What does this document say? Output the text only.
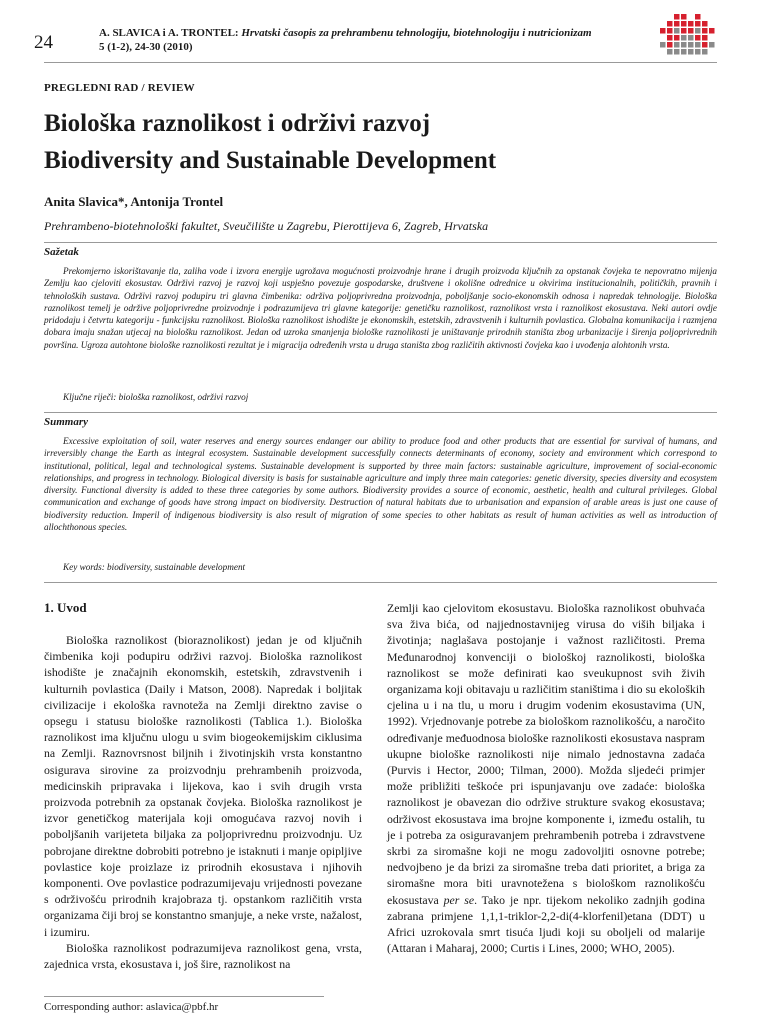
24	A. SLAVICA i A. TRONTEL: Hrvatski časopis za prehrambenu tehnologiju, biotehnologiju i nutricionizam 5 (1-2), 24-30 (2010)
PREGLEDNI RAD / REVIEW
Biološka raznolikost i održivi razvoj
Biodiversity and Sustainable Development
Anita Slavica*, Antonija Trontel
Prehrambeno-biotehnološki fakultet, Sveučilište u Zagrebu, Pierottijeva 6, Zagreb, Hrvatska
Sažetak

Prekomjerno iskorištavanje tla, zaliha vode i izvora energije ugrožava mogućnosti proizvodnje hrane i drugih proizvoda ključnih za opstanak čovjeka te nepovratno mijenja Zemlju kao cjeloviti ekosustav. Održivi razvoj je razvoj koji uspješno povezuje gospodarske, društvene i okolišne odrednice u okvirima institucionalnih, političkih, pravnih i tehnoloških sustava. Održivi razvoj podupiru tri glavna čimbenika: održiva poljoprivredna proizvodnja, poboljšanje socio-ekonomskih odnosa i napredak tehnologije. Biološka raznolikost temelj je održive poljoprivredne proizvodnje i podrazumijeva tri glavne kategorije: genetičku raznolikost, raznolikost vrsta i raznolikost ekosustava. Neki autori ovdje pridodaju i četvrtu kategoriju - funkcijsku raznolikost. Biološka raznolikost ishodište je ekonomskih, estetskih, zdravstvenih i kulturnih povlastica. Globalna komunikacija i razmjena dobara imaju snažan utjecaj na biološku raznolikost. Jedan od uzroka smanjenja biološke raznolikosti je uništavanje prirodnih staništa zbog urbanizacije i širenja poljoprivrednih površina. Ugroza autohtone biološke raznolikosti rezultat je i migracija određenih vrsta u druga staništa zbog različitih aktivnosti čovjeka kao i uvođenja alohtonih vrsta.

Ključne riječi: biološka raznolikost, održivi razvoj
Summary

Excessive exploitation of soil, water reserves and energy sources endanger our ability to produce food and other products that are essential for survival of humans, and irreversibly change the Earth as integral ecosystem. Sustainable development successfully connects determinants of economy, society and environment which correspond to institutional, political, legal and technological systems. Sustainable development is supported by three main factors: sustainable agriculture, improvement of social-economic relationships, and progress in technology. Biological diversity is basis for sustainable agriculture and imply three main categories: genetic diversity, species diversity and ecosystem diversity. Functional diversity is added to these three categories by some authors. Biodiversity provides a source of economic, aesthetic, health and cultural privileges. Global communication and exchange of goods have strong impact on biodiversity. Destruction of natural habitats due to urbanisation and expansion of arable areas is just one cause of biodiversity reduction. Imperil of indigenous biodiversity is also result of migration of some species to other habitats as result of human activities as well as introduction of allochthonous species.

Key words: biodiversity, sustainable development

1. Uvod

Biološka raznolikost (bioraznolikost) jedan je od ključnih čimbenika koji podupiru održivi razvoj. Biološka raznolikost ishodište je značajnih ekonomskih, estetskih, zdravstvenih i kulturnih povlastica (Daily i Matson, 2008). Napredak i boljitak civilizacije i ekološka ravnoteža na Zemlji direktno zavise o opsegu i statusu biološke raznolikosti (Tablica 1.). Biološka raznolikost ima ključnu ulogu u svim biogeokemijskim ciklusima na Zemlji. Raznovrsnost biljnih i životinjskih vrsta konstantno osigurava sirovine za proizvodnju prehrambenih proizvoda, medicinskih pripravaka i lijekova, kao i svih drugih vrsta proizvoda potrebnih za opstanak čovjeka. Biološka raznolikost je izvor genetičkog materijala koji omogućava razvoj novih i poboljšanih varijeteta biljaka za poljoprivrednu proizvodnju. Uz pobrojane direktne dobrobiti potrebno je istaknuti i manje opipljive povlastice koje proizlaze iz prirodnih ekosustava i njihovih komponenti. Ove povlastice podrazumijevaju vrijednosti povezane s održivošću prirodnih krajobraza tj. opstankom različitih vrsta organizama čiji broj se konstantno smanjuje, a neke vrste, nažalost, i izumiru.

Biološka raznolikost podrazumijeva raznolikost gena, vrsta, zajednica vrsta, ekosustava i, još šire, raznolikost na

Zemlji kao cjelovitom ekosustavu. Biološka raznolikost obuhvaća sva živa bića, od najjednostavnijeg virusa do viših biljaka i životinja; naglašava postojanje i važnost različitosti. Prema Međunarodnoj konvenciji o biološkoj raznolikosti, biološka raznolikost se može definirati kao sveukupnost svih živih organizama koji obitavaju u različitim staništima i dio su ekoloških cjelina u i na tlu, u moru i drugim vodenim ekosustavima (UN, 1992). Vrjednovanje potrebe za biološkom raznolikošću, a naročito određivanje međuodnosa biološke raznolikosti ekosustava naspram ukupne biološke raznolikosti nije nimalo jednostavna zadaća (Purvis i Hector, 2000; Tilman, 2000). Možda sljedeći primjer može približiti teškoće pri ispunjavanju ove zadaće: biološka raznolikost je obavezan dio održive strukture svakog ekosustava; održivost ekosustava ima brojne komponente i, između ostalih, tu je i potreba za osiguravanjem prehrambenih potreba i zdravstvene skrbi za siromašne koji ne mogu zadovoljiti osnovne potrebe; nedvojbeno je da brizi za siromašne treba dati prioritet, a briga za siromašne mora biti uravnotežena s biološkom raznolikošću ekosustava per se. Tako je npr. tijekom nekoliko zadnjih godina zabrana primjene 1,1,1-triklor-2,2-di(4-klorfenil)etana (DDT) u Africi uzrokovala smrt tisuća ljudi koji su oboljeli od malarije (Attaran i Maharaj, 2000; Curtis i Lines, 2000; WHO, 2005).

Corresponding author: aslavica@pbf.hr
